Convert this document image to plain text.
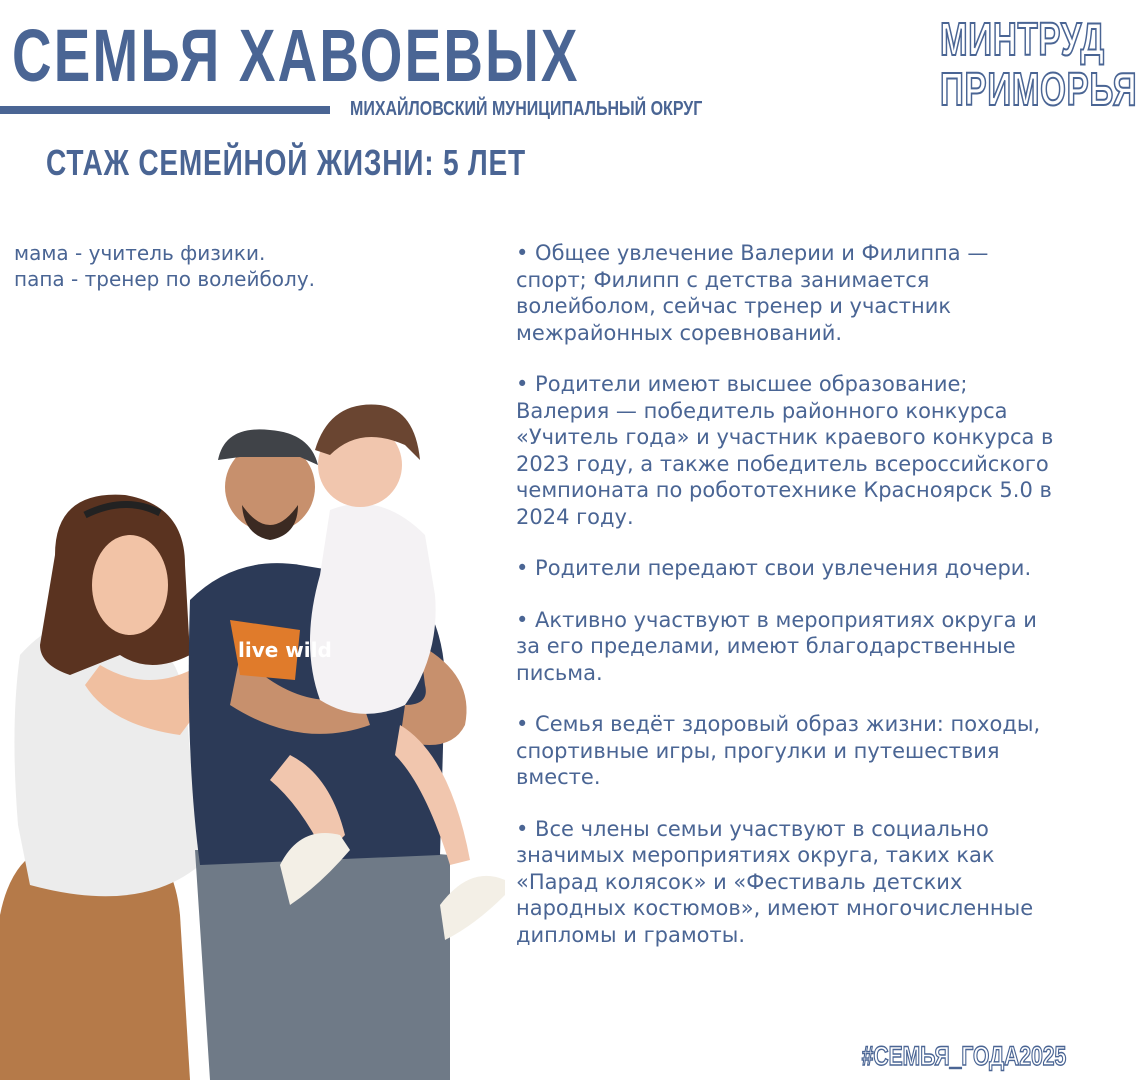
СЕМЬЯ ХАВОЕВЫХ
МИХАЙЛОВСКИЙ МУНИЦИПАЛЬНЫЙ ОКРУГ
МИНТРУД
ПРИМОРЬЯ
СТАЖ СЕМЕЙНОЙ ЖИЗНИ: 5 ЛЕТ
мама - учитель физики.
папа - тренер по волейболу.
• Общее увлечение Валерии и Филиппа — спорт; Филипп с детства занимается волейболом, сейчас тренер и участник межрайонных соревнований.
• Родители имеют высшее образование; Валерия — победитель районного конкурса «Учитель года» и участник краевого конкурса в 2023 году, а также победитель всероссийского чемпионата по робототехнике Красноярск 5.0 в 2024 году.
• Родители передают свои увлечения дочери.
• Активно участвуют в мероприятиях округа и за его пределами, имеют благодарственные письма.
• Семья ведёт здоровый образ жизни: походы, спортивные игры, прогулки и путешествия вместе.
• Все члены семьи участвуют в социально значимых мероприятиях округа, таких как «Парад колясок» и «Фестиваль детских народных костюмов», имеют многочисленные дипломы и грамоты.
live wild
#СЕМЬЯ_ГОДА2025
